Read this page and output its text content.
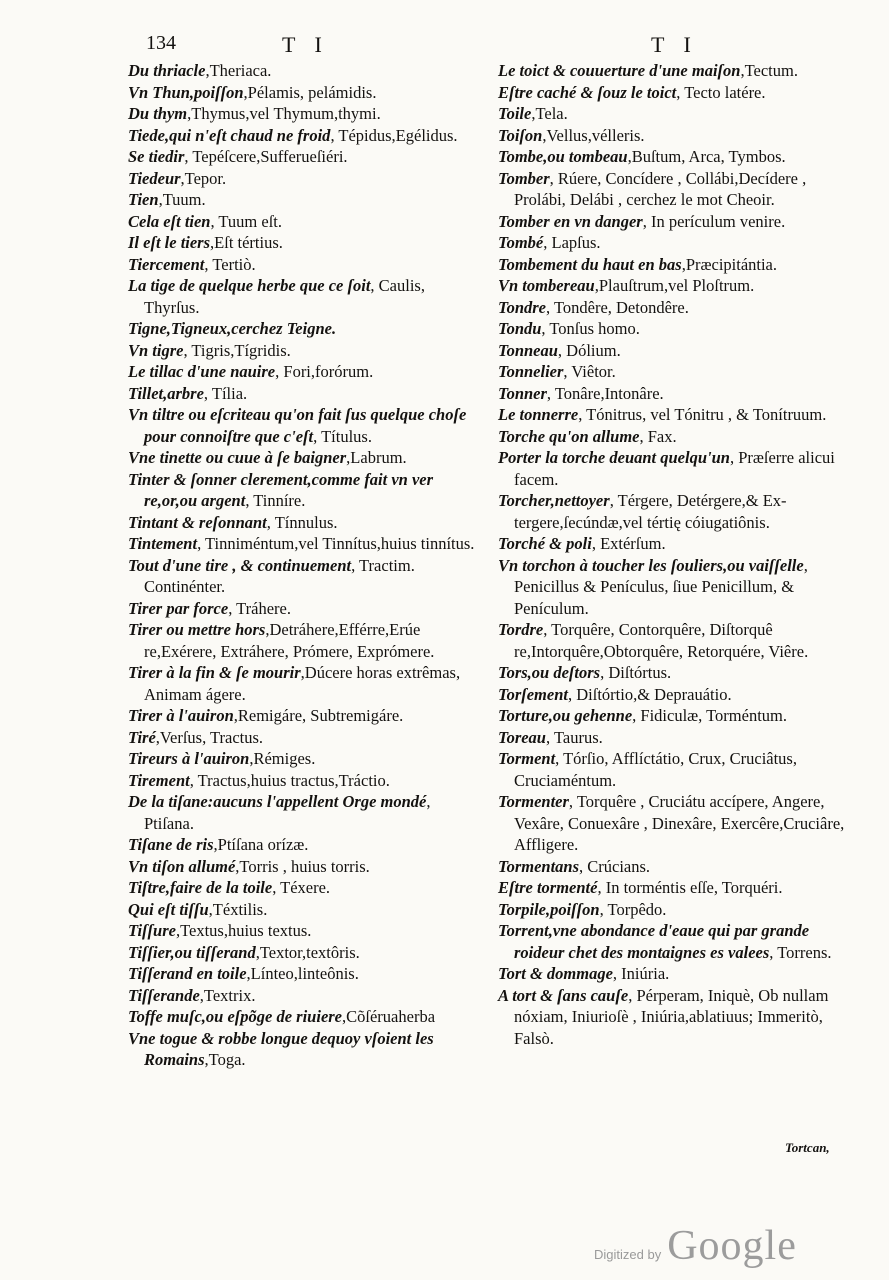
134	T I	T I

Du thriacle,Theriaca.

Vn Thun,poiſſon,Pélamis, pelámidis.

Du thym,Thymus,vel Thymum,thymi.

Tiede,qui n'eſt chaud ne froid, Tépidus,Egélidus.

Se tiedir, Tepéſcere,Sufferueſiéri.

Tiedeur,Tepor.

Tien,Tuum.

Cela eſt tien, Tuum eſt.

Il eſt le tiers,Eſt tértius.

Tiercement, Tertiò.

La tige de quelque herbe que ce ſoit, Caulis, Thyrſus.

Tigne,Tigneux,cerchez Teigne.

Vn tigre, Tigris,Tígridis.

Le tillac d'une nauire, Fori,forórum.

Tillet,arbre, Tília.

Vn tiltre ou eſcriteau qu'on fait ſus quelque choſe pour connoiſtre que c'eſt, Títulus.

Vne tinette ou cuue à ſe baigner,Labrum.

Tinter & ſonner clerement,comme fait vn ver re,or,ou argent, Tinníre.

Tintant & reſonnant, Tínnulus.

Tintement, Tinniméntum,vel Tinnítus,huius tinnítus.

Tout d'une tire , & continuement, Tractim. Continénter.

Tirer par force, Tráhere.

Tirer ou mettre hors,Detráhere,Efférre,Erúe re,Exérere, Extráhere, Prómere, Exprómere.

Tirer à la fin & ſe mourir,Dúcere horas extrêmas, Animam ágere.

Tirer à l'auiron,Remigáre, Subtremigáre.

Tiré,Verſus, Tractus.

Tireurs à l'auiron,Rémiges.

Tirement, Tractus,huius tractus,Tráctio.

De la tiſane:aucuns l'appellent Orge mondé, Ptiſana.

Tiſane de ris,Ptíſana orízæ.

Vn tiſon allumé,Torris , huius torris.

Tiſtre,faire de la toile, Téxere.

Qui eſt tiſſu,Téxtilis.

Tiſſure,Textus,huius textus.

Tiſſier,ou tiſſerand,Textor,textôris.

Tiſſerand en toile,Línteo,linteônis.

Tiſſerande,Textrix.

Toffe muſc,ou eſpõge de riuiere,Cõſéruaherba

Vne togue & robbe longue dequoy vſoient les Romains,Toga.

Le toict & couuerture d'une maiſon,Tectum.

Eſtre caché & ſouz le toict, Tecto latére.

Toile,Tela.

Toiſon,Vellus,vélleris.

Tombe,ou tombeau,Buſtum, Arca, Tymbos.

Tomber, Rúere, Concídere , Collábi,Decídere , Prolábi, Delábi , cerchez le mot Cheoir.

Tomber en vn danger, In perículum venire.

Tombé, Lapſus.

Tombement du haut en bas,Præcipitántia.

Vn tombereau,Plauſtrum,vel Ploſtrum.

Tondre, Tondêre, Detondêre.

Tondu, Tonſus homo.

Tonneau, Dólium.

Tonnelier, Viêtor.

Tonner, Tonâre,Intonâre.

Le tonnerre, Tónitrus, vel Tónitru , & Tonítruum.

Torche qu'on allume, Fax.

Porter la torche deuant quelqu'un, Præſerre alicui facem.

Torcher,nettoyer, Térgere, Detérgere,& Extergere,ſecúndæ,vel tértię cóiugatiônis.

Torché & poli, Extérſum.

Vn torchon à toucher les ſouliers,ou vaiſſelle, Penicillus & Penículus, ſiue Penicillum, & Penículum.

Tordre, Torquêre, Contorquêre, Diſtorquê re,Intorquêre,Obtorquêre, Retorquére, Viêre.

Tors,ou deſtors, Diſtórtus.

Torſement, Diſtórtio,& Deprauátio.

Torture,ou gehenne, Fidiculæ, Torméntum.

Toreau, Taurus.

Torment, Tórſio, Afflíctátio, Crux, Cruciâtus, Cruciaméntum.

Tormenter, Torquêre , Cruciátu accípere, Angere, Vexâre, Conuexâre , Dinexâre, Exercêre,Cruciâre, Affligere.

Tormentans, Crúcians.

Eſtre tormenté, In torméntis eſſe, Torquéri.

Torpile,poiſſon, Torpêdo.

Torrent,vne abondance d'eaue qui par grande roideur chet des montaignes es valees, Torrens.

Tort & dommage, Iniúria.

A tort & ſans cauſe, Pérperam, Iniquè, Ob nullam nóxiam, Iniurioſè , Iniúria,ablatiuus; Immeritò, Falsò.

Tortcan,
Digitized by Google
